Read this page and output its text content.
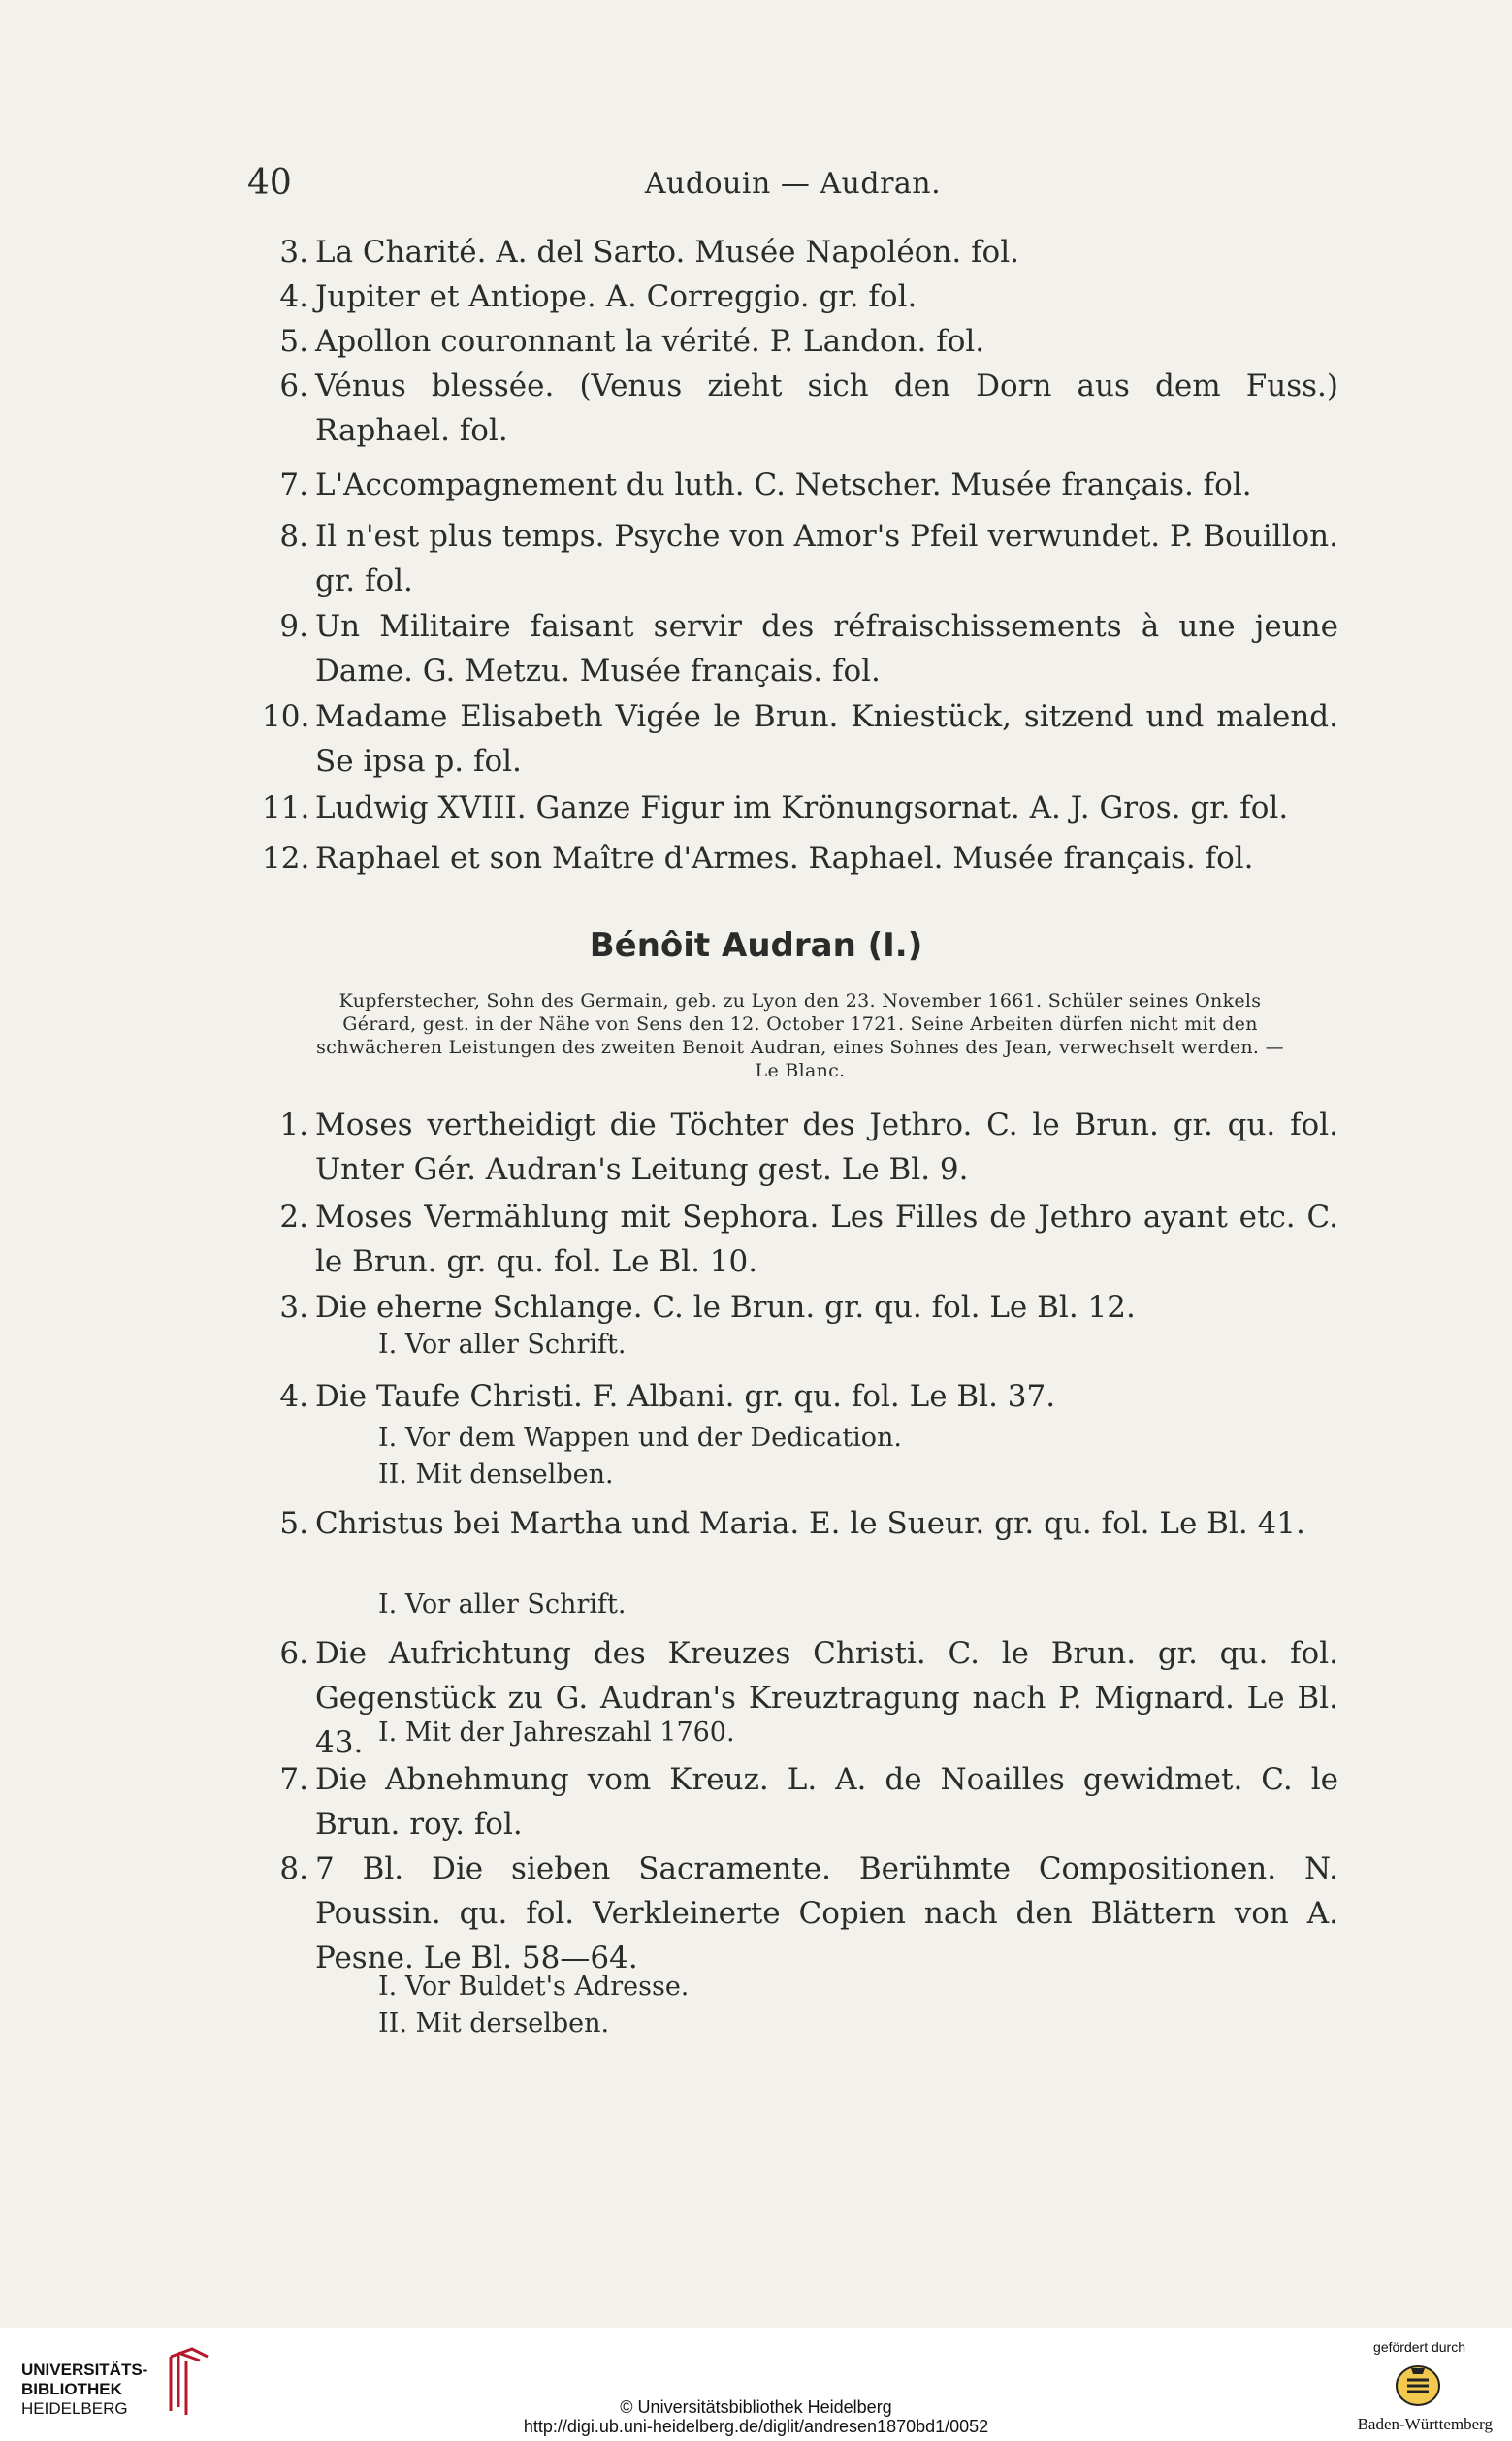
40	Audouin — Audran.
3. La Charité. A. del Sarto. Musée Napoléon. fol.
4. Jupiter et Antiope. A. Correggio. gr. fol.
5. Apollon couronnant la vérité. P. Landon. fol.
6. Vénus blessée. (Venus zieht sich den Dorn aus dem Fuss.) Raphael. fol.
7. L'Accompagnement du luth. C. Netscher. Musée français. fol.
8. Il n'est plus temps. Psyche von Amor's Pfeil verwundet. P. Bouillon. gr. fol.
9. Un Militaire faisant servir des réfraischissements à une jeune Dame. G. Metzu. Musée français. fol.
10. Madame Elisabeth Vigée le Brun. Kniestück, sitzend und malend. Se ipsa p. fol.
11. Ludwig XVIII. Ganze Figur im Krönungsornat. A. J. Gros. gr. fol.
12. Raphael et son Maître d'Armes. Raphael. Musée français. fol.
Bénôit Audran (I.)
Kupferstecher, Sohn des Germain, geb. zu Lyon den 23. November 1661. Schüler seines Onkels Gérard, gest. in der Nähe von Sens den 12. October 1721. Seine Arbeiten dürfen nicht mit den schwächeren Leistungen des zweiten Benoit Audran, eines Sohnes des Jean, verwechselt werden. — Le Blanc.
1. Moses vertheidigt die Töchter des Jethro. C. le Brun. gr. qu. fol. Unter Gér. Audran's Leitung gest. Le Bl. 9.
2. Moses Vermählung mit Sephora. Les Filles de Jethro ayant etc. C. le Brun. gr. qu. fol. Le Bl. 10.
3. Die eherne Schlange. C. le Brun. gr. qu. fol. Le Bl. 12.
I. Vor aller Schrift.
4. Die Taufe Christi. F. Albani. gr. qu. fol. Le Bl. 37.
I. Vor dem Wappen und der Dedication.
II. Mit denselben.
5. Christus bei Martha und Maria. E. le Sueur. gr. qu. fol. Le Bl. 41.
I. Vor aller Schrift.
6. Die Aufrichtung des Kreuzes Christi. C. le Brun. gr. qu. fol. Gegenstück zu G. Audran's Kreuztragung nach P. Mignard. Le Bl. 43. I. Mit der Jahreszahl 1760.
7. Die Abnehmung vom Kreuz. L. A. de Noailles gewidmet. C. le Brun. roy. fol.
8. 7 Bl. Die sieben Sacramente. Berühmte Compositionen. N. Poussin. qu. fol. Verkleinerte Copien nach den Blättern von A. Pesne. Le Bl. 58—64.
I. Vor Buldet's Adresse.
II. Mit derselben.
UNIVERSITÄTS-
BIBLIOTHEK
HEIDELBERG	© Universitätsbibliothek Heidelberg
http://digi.ub.uni-heidelberg.de/diglit/andresen1870bd1/0052
gefördert durch
Baden-Württemberg
